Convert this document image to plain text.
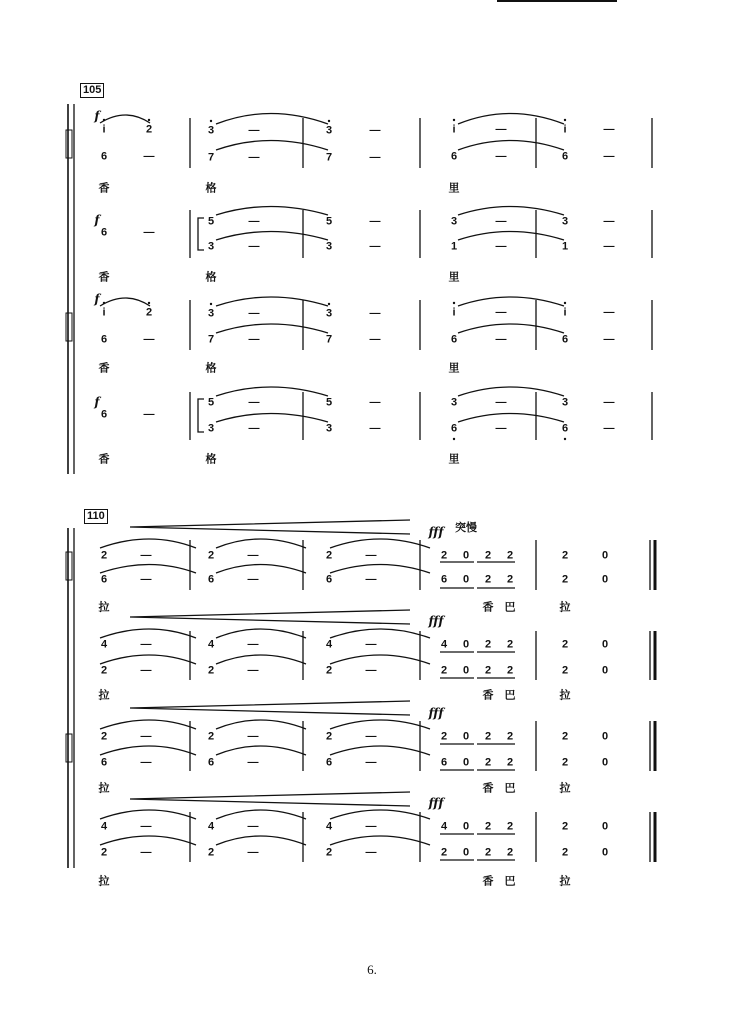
105
110
f
i	2	3	—	3	—	i	—	i	—
6	—	7	—	7	—	6	—	6	—
香	格	里
f
6	—
5	—	5	—	3	—	3	—
3	—	3	—	1	—	1	—
香	格	里
f
i	2	3	—	3	—	i	—	i	—
6	—	7	—	7	—	6	—	6	—
香	格	里
f
6	—
5	—	5	—	3	—	3	—
3	—	3	—	6	—	6	—
香	格	里
2	—	2	—	2	—	2 0 2 2	2	0
6	—	6	—	6	—	6 0 2 2	2	0
fff
拉	香 巴	拉
4	—	4	—	4	—	4 0 2 2	2	0
2	—	2	—	2	—	2 0 2 2	2	0
fff
拉	香 巴	拉
2	—	2	—	2	—	2 0 2 2	2	0
6	—	6	—	6	—	6 0 2 2	2	0
fff
拉	香 巴	拉
4	—	4	—	4	—	4 0 2 2	2	0
2	—	2	—	2	—	2 0 2 2	2	0
fff
拉	香 巴	拉
突慢
6.
